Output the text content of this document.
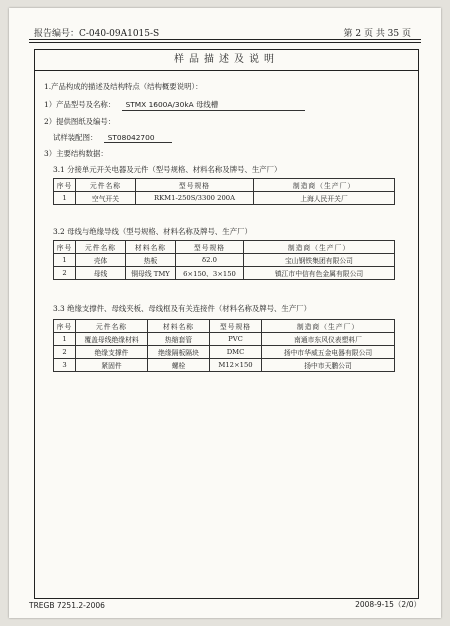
报告编号：C-040-09A1015-S	第 2 页 共 35 页
样品描述及说明
1.产品构成的描述及结构特点（结构概要说明）：
1）产品型号及名称： STMX 1600A/30kA 母线槽
2）提供图纸及编号：
试样装配图： ST08042700
3）主要结构数据：
3.1 分接单元开关电器及元件（型号规格、材料名称及牌号、生产厂）
序号	元件名称	型号规格	制造商（生产厂）
1	空气开关	RKM1-250S/3300 200A	上海人民开关厂
3.2 母线与绝缘导线（型号规格、材料名称及牌号、生产厂）
序号	元件名称	材料名称	型号规格	制造商（生产厂）
1	壳体	热板	δ2.0	宝山钢铁集团有限公司
2	母线	铜母线 TMY	6×150、3×150	镇江市中信有色金属有限公司
3.3 绝缘支撑件、母线夹板、母线框及有关连接件（材料名称及牌号、生产厂）
序号	元件名称	材料名称	型号规格	制造商（生产厂）
1	覆盖母线绝缘材料	热缩套管	PVC	南通市东风仪表塑料厂
2	绝缘支撑件	绝缘隔板隔块	DMC	扬中市华威五金电器有限公司
3	紧固件	螺栓	M12×150	扬中市天鹏公司
TREGB 7251.2-2006	2008-9-15（2/0）
